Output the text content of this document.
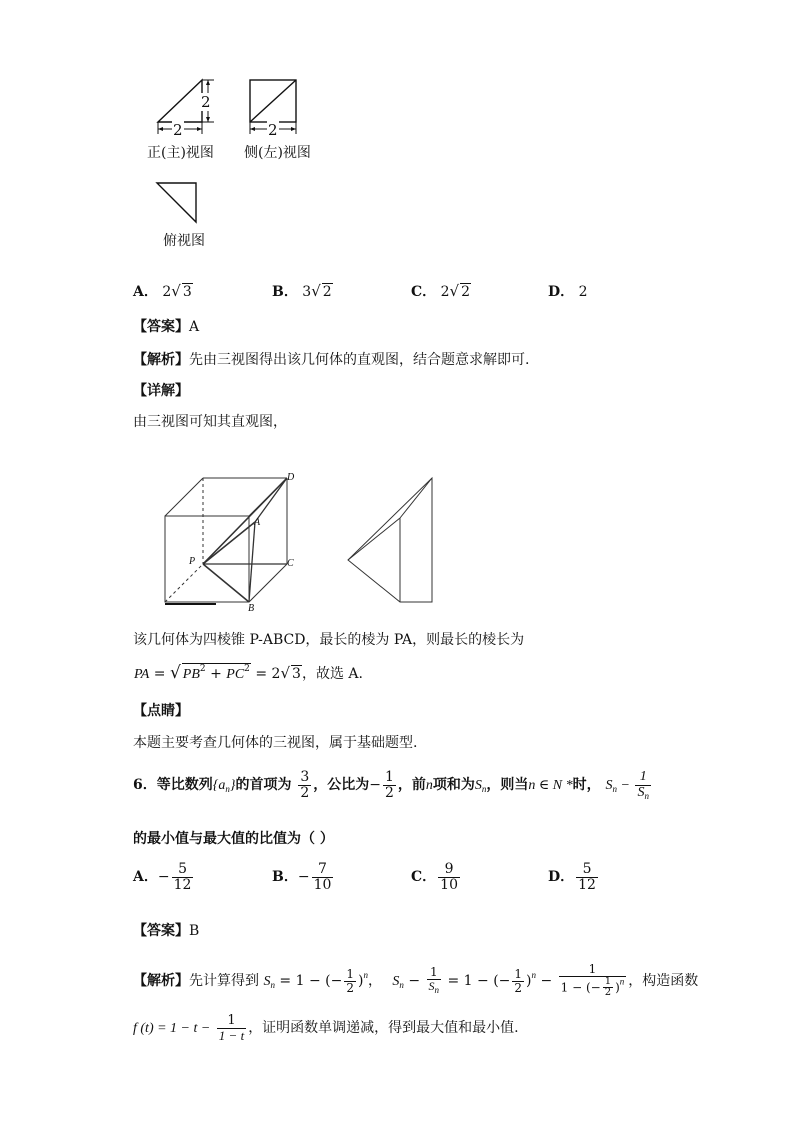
2
2
2
正(主)视图 侧(左)视图
俯视图
A． 2√ 3	B． 3√ 2	C． 2√ 2	D． 2
【答案】A
【解析】先由三视图得出该几何体的直观图，结合题意求解即可.
【详解】
由三视图可知其直观图，
D
A
P	C
B
该几何体为四棱锥 P-ABCD，最长的棱为 PA，则最长的棱长为
PA = √ $PB^2 + PC^2 = 2√$ 3，故选 A.
【点睛】
本题主要考查几何体的三视图，属于基础题型.
6．等比数列$\{a_n\}$的首项为 $\frac{3}{2}$ ，公比为− $\frac{1}{2}$ ，前n项和为$S_n$，则当n ∈ N *时， $S_n - \frac{1}{S_n}$
的最小值与最大值的比值为（ ）
A．− $\frac{5}{12}$	B．− $\frac{7}{10}$	C． $\frac{9}{10}$	D． $\frac{5}{12}$
【答案】B
【解析】先计算得到 $S_n = 1$ − (− $\frac{1}{2} )^n$， $S_n - \frac{1}{S_n} = 1$ − (− $\frac{1}{2} )^n - \frac{1}{1 - (- \frac{1}{2} )^n}$ ，构造函数
f $(t) = 1 - t - \frac{1}{1 - t}$ ，证明函数单调递减，得到最大值和最小值.
